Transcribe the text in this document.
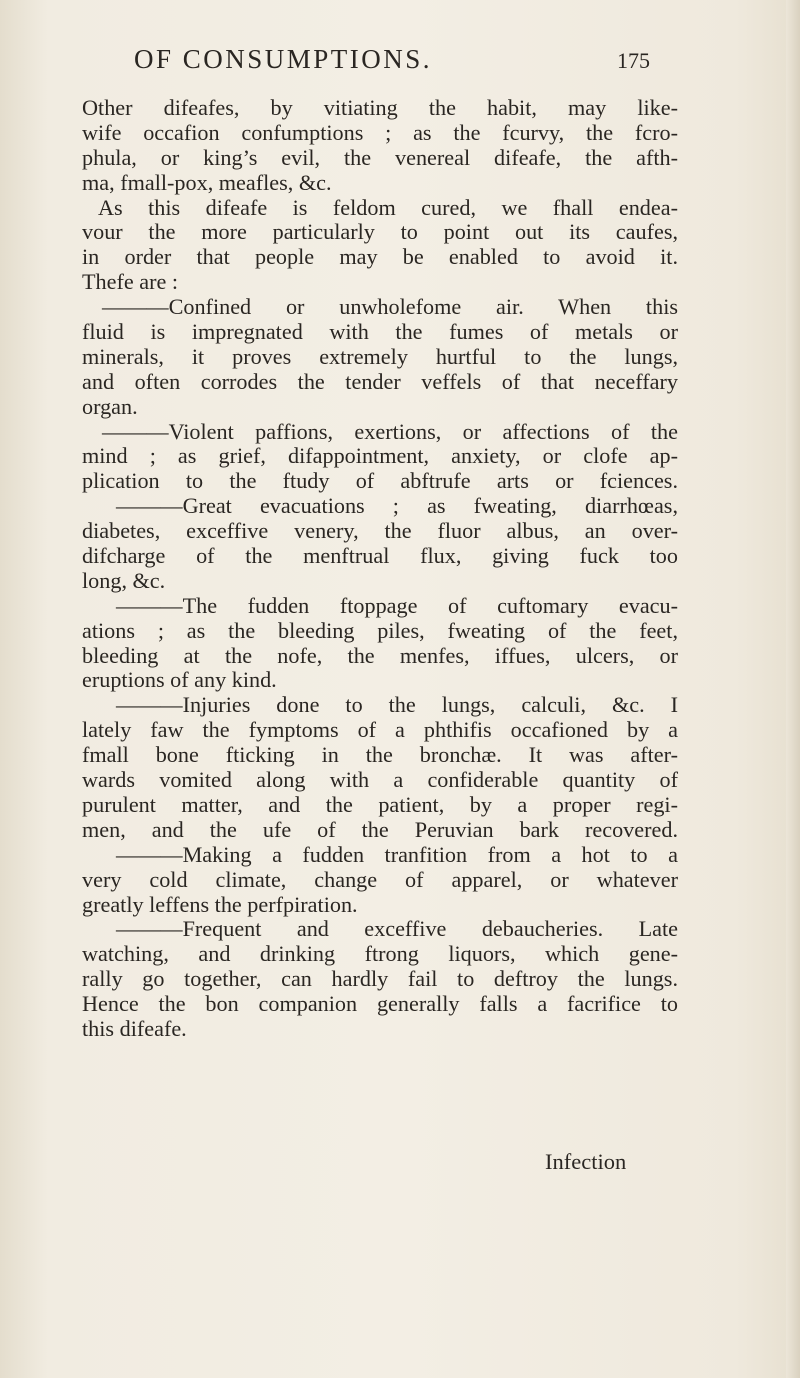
OF CONSUMPTIONS.	175
Other difeafes, by vitiating the habit, may like-
wife occafion confumptions ; as the fcurvy, the fcro-
phula, or king’s evil, the venereal difeafe, the afth-
ma, fmall-pox, meafles, &c.
As this difeafe is feldom cured, we fhall endea-
vour the more particularly to point out its caufes,
in order that people may be enabled to avoid it.
Thefe are :
———Confined or unwholefome air. When this
fluid is impregnated with the fumes of metals or
minerals, it proves extremely hurtful to the lungs,
and often corrodes the tender veffels of that neceffary
organ.
———Violent paffions, exertions, or affections of the
mind ; as grief, difappointment, anxiety, or clofe ap-
plication to the ftudy of abftrufe arts or fciences.
———Great evacuations ; as fweating, diarrhœas,
diabetes, exceffive venery, the fluor albus, an over-
difcharge of the menftrual flux, giving fuck too
long, &c.
———The fudden ftoppage of cuftomary evacu-
ations ; as the bleeding piles, fweating of the feet,
bleeding at the nofe, the menfes, iffues, ulcers, or
eruptions of any kind.
———Injuries done to the lungs, calculi, &c. I
lately faw the fymptoms of a phthifis occafioned by a
fmall bone fticking in the bronchæ. It was after-
wards vomited along with a confiderable quantity of
purulent matter, and the patient, by a proper regi-
men, and the ufe of the Peruvian bark recovered.
———Making a fudden tranfition from a hot to a
very cold climate, change of apparel, or whatever
greatly leffens the perfpiration.
———Frequent and exceffive debaucheries. Late
watching, and drinking ftrong liquors, which gene-
rally go together, can hardly fail to deftroy the lungs.
Hence the bon companion generally falls a facrifice to
this difeafe.
Infection
